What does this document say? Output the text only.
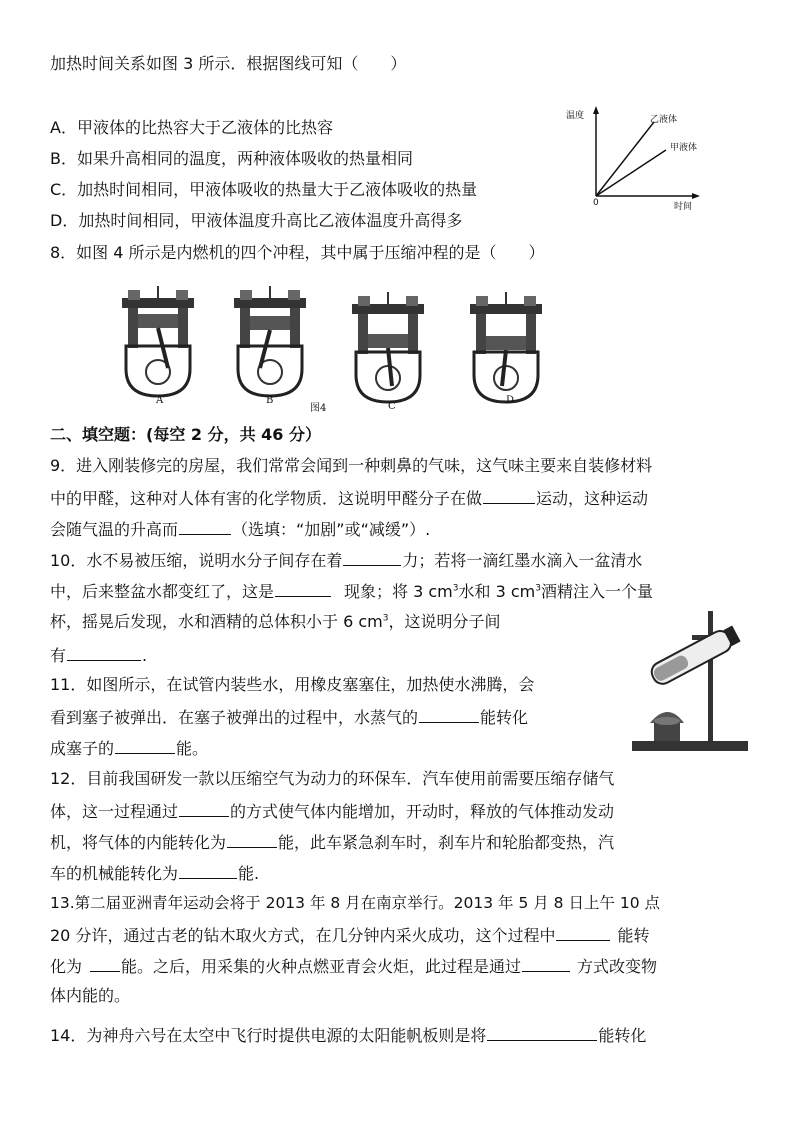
加热时间关系如图 3 所示．根据图线可知（　　）
A．甲液体的比热容大于乙液体的比热容
B．如果升高相同的温度，两种液体吸收的热量相同
C．加热时间相同，甲液体吸收的热量大于乙液体吸收的热量
D．加热时间相同，甲液体温度升高比乙液体温度升高得多
温度
时间
0
乙液体
甲液体
8．如图 4 所示是内燃机的四个冲程，其中属于压缩冲程的是（　　）
A	B
C
D
图4
二、填空题：(每空 2 分，共 46 分）
9．进入刚装修完的房屋，我们常常会闻到一种刺鼻的气味，这气味主要来自装修材料
中的甲醛，这种对人体有害的化学物质．这说明甲醛分子在做	运动，这种运动
会随气温的升高而	（选填：“加剧”或“减缓”）.
10．水不易被压缩，说明水分子间存在着	力；若将一滴红墨水滴入一盆清水
中，后来整盆水都变红了，这是	现象；将 3 $cm^3$水和 3 $cm^3$酒精注入一个量
杯，摇晃后发现，水和酒精的总体积小于 6 $cm^3$，这说明分子间
有	.
11．如图所示，在试管内装些水，用橡皮塞塞住，加热使水沸腾，会
看到塞子被弹出．在塞子被弹出的过程中，水蒸气的	能转化
成塞子的	能。
12．目前我国研发一款以压缩空气为动力的环保车．汽车使用前需要压缩存储气
体，这一过程通过	的方式使气体内能增加，开动时，释放的气体推动发动
机，将气体的内能转化为	能，此车紧急刹车时，刹车片和轮胎都变热，汽
车的机械能转化为	能.
13.第二届亚洲青年运动会将于 2013 年 8 月在南京举行。2013 年 5 月 8 日上午 10 点
20 分许，通过古老的钻木取火方式，在几分钟内采火成功，这个过程中	能转
化为 能。之后，用采集的火种点燃亚青会火炬，此过程是通过	方式改变物
体内能的。
14．为神舟六号在太空中飞行时提供电源的太阳能帆板则是将	能转化
